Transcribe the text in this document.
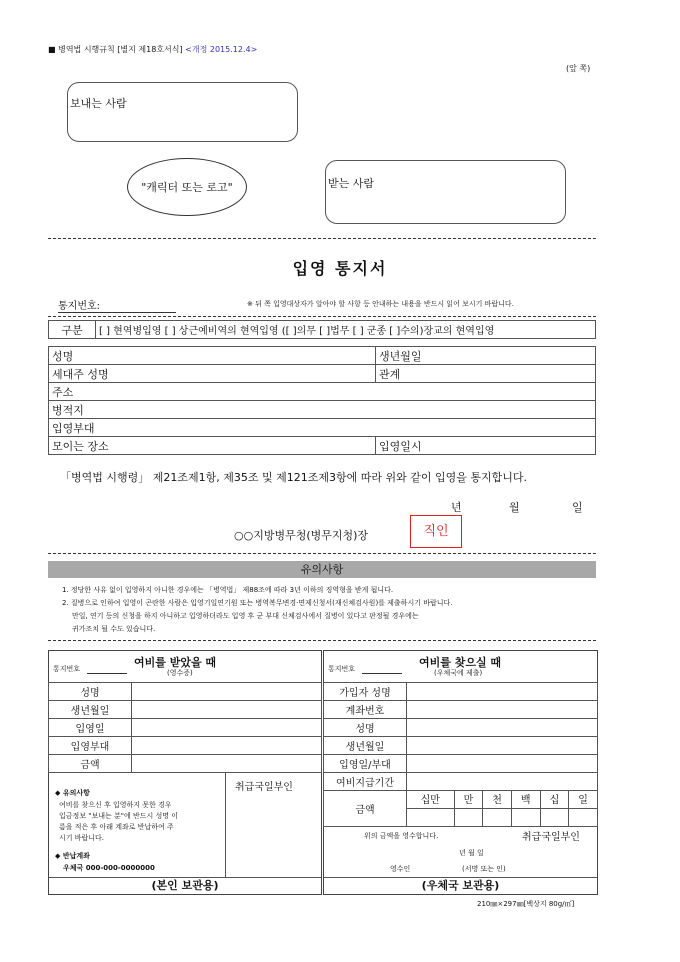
■ 병역법 시행규칙 [별지 제18호서식] <개정 2015.12.4>
(앞 쪽)
보내는 사람
"캐릭터 또는 로고"	받는 사람
입영 통지서
통지번호:	※ 뒤 쪽 입영대상자가 알아야 할 사항 등 안내하는 내용을 반드시 읽어 보시기 바랍니다.
구분	[ ] 현역병입영 [ ] 상근예비역의 현역입영 ([ ]의무 [ ]법무 [ ] 군종 [ ]수의)장교의 현역입영
성명	생년월일
세대주 성명	관계
주소	
병적지	
입영부대	
모이는 장소	입영일시
「병역법 시행령」 제21조제1항, 제35조 및 제121조제3항에 따라 위와 같이 입영을 통지합니다.
년	월	일
○○지방병무청(병무지청)장	직인
유의사항
1. 정당한 사유 없이 입영하지 아니한 경우에는 「병역법」 제88조에 따라 3년 이하의 징역형을 받게 됩니다.
2. 질병으로 인하여 입영이 곤란한 사람은 입영기일연기원 또는 병역복무변경·면제신청서(재신체검사원)를 제출하시기 바랍니다.
만일, 연기 등의 신청을 하지 아니하고 입영하더라도 입영 후 군 부대 신체검사에서 질병이 있다고 판정될 경우에는
귀가조치 될 수도 있습니다.
통지번호	여비를 받았을 때
(영수증)
성명	
생년월일	
입영일	
입영부대	
금액	
취급국일부인
◆ 유의사항
여비를 찾으신 후 입영하지 못한 경우
입금정보 "보내는 분"에 반드시 성명 이
름을 적은 후 아래 계좌로 반납하여 주
시기 바랍니다.
◆ 반납계좌
우체국 000-000-0000000
(본인 보관용)
통지번호	여비를 찾으실 때
(우체국에 제출)
가입자 성명						
계좌번호						
성명						
생년월일						
입영일/부대						
여비지급기간						
금액	십만	만	천	백	십	일

위의 금액을 영수합니다.	취급국일부인
년 월 일
영수인	(서명 또는 인)
(우체국 보관용)
210㎜×297㎜[백상지 80g/㎡]
